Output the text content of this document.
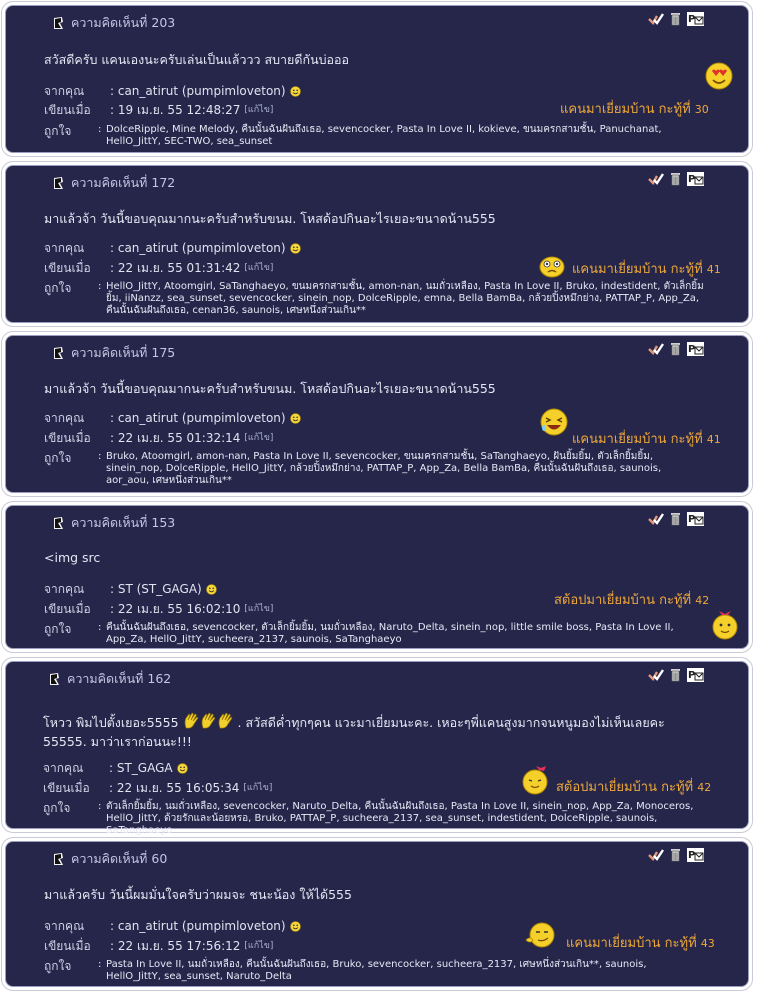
ความคิดเห็นที่ 203
สวัสดีครับ แคนเองนะครับเล่นเป็นแล้ววว สบายดีกันบ่อออ
จากคุณ	: can_atirut (pumpimloveton)
เขียนเมื่อ	: 19 เม.ย. 55 12:48:27 [แก้ไข]
ถูกใจ	: DolceRipple, Mine Melody, คืนนั้นฉันฝันถึงเธอ, sevencocker, Pasta In Love II, kokieve, ขนมครกสามชั้น, Panuchanat, HellO_JittY, SEC-TWO, sea_sunset
แคนมาเยี่ยมบ้าน กะทู้ที่ 30
ความคิดเห็นที่ 172
มาแล้วจ้า วันนี้ขอบคุณมากนะครับสำหรับขนม. โหสด้อปกินอะไรเยอะขนาดน้าน555
จากคุณ	: can_atirut (pumpimloveton)
เขียนเมื่อ	: 22 เม.ย. 55 01:31:42 [แก้ไข]
ถูกใจ	: HellO_JittY, Atoomgirl, SaTanghaeyo, ขนมครกสามชั้น, amon-nan, นมถั่วเหลือง, Pasta In Love II, Bruko, indestident, ตัวเล็กยิ้มยิ้ม, iiNanzz, sea_sunset, sevencocker, sinein_nop, DolceRipple, emna, Bella BamBa, กล้วยปิ้งหมึกย่าง, PATTAP_P, App_Za, คืนนั้นฉันฝันถึงเธอ, cenan36, saunois, เศษหนึ่งส่วนเกิน**
แคนมาเยี่ยมบ้าน กะทู้ที่ 41
ความคิดเห็นที่ 175
มาแล้วจ้า วันนี้ขอบคุณมากนะครับสำหรับขนม. โหสด้อปกินอะไรเยอะขนาดน้าน555
จากคุณ	: can_atirut (pumpimloveton)
เขียนเมื่อ	: 22 เม.ย. 55 01:32:14 [แก้ไข]
ถูกใจ	: Bruko, Atoomgirl, amon-nan, Pasta In Love II, sevencocker, ขนมครกสามชั้น, SaTanghaeyo, ฝันยิ้มยิ้ม, ตัวเล็กยิ้มยิ้ม, sinein_nop, DolceRipple, HellO_JittY, กล้วยปิ้งหมึกย่าง, PATTAP_P, App_Za, Bella BamBa, คืนนั้นฉันฝันถึงเธอ, saunois, aor_aou, เศษหนึ่งส่วนเกิน**
แคนมาเยี่ยมบ้าน กะทู้ที่ 41
ความคิดเห็นที่ 153
<img src
จากคุณ	: ST (ST_GAGA)
เขียนเมื่อ	: 22 เม.ย. 55 16:02:10 [แก้ไข]
ถูกใจ	: คืนนั้นฉันฝันถึงเธอ, sevencocker, ตัวเล็กยิ้มยิ้ม, นมถั่วเหลือง, Naruto_Delta, sinein_nop, little smile boss, Pasta In Love II, App_Za, HellO_JittY, sucheera_2137, saunois, SaTanghaeyo
สต้อปมาเยี่ยมบ้าน กะทู้ที่ 42
ความคิดเห็นที่ 162
โหวว พิมไปตั้งเยอะ5555	. สวัสดีค่ำทุกๆคน แวะมาเยี่ยมนะคะ. เหอะๆพี่แคนสูงมากจนหนูมองไม่เห็นเลยคะ 55555. มาว่าเราก่อนนะ!!!
จากคุณ	: ST_GAGA
เขียนเมื่อ	: 22 เม.ย. 55 16:05:34 [แก้ไข]
ถูกใจ	: ตัวเล็กยิ้มยิ้ม, นมถั่วเหลือง, sevencocker, Naruto_Delta, คืนนั้นฉันฝันถึงเธอ, Pasta In Love II, sinein_nop, App_Za, Monoceros, HellO_JittY, ด้วยรักและน้อยหรอ, Bruko, PATTAP_P, sucheera_2137, sea_sunset, indestident, DolceRipple, saunois, SaTanghaeyo
สต้อปมาเยี่ยมบ้าน กะทู้ที่ 42
ความคิดเห็นที่ 60
มาแล้วครับ วันนี้ผมมั่นใจครับว่าผมจะ ชนะน้อง ให้ได้555
จากคุณ	: can_atirut (pumpimloveton)
เขียนเมื่อ	: 22 เม.ย. 55 17:56:12 [แก้ไข]
ถูกใจ	: Pasta In Love II, นมถั่วเหลือง, คืนนั้นฉันฝันถึงเธอ, Bruko, sevencocker, sucheera_2137, เศษหนึ่งส่วนเกิน**, saunois, HellO_JittY, sea_sunset, Naruto_Delta
แคนมาเยี่ยมบ้าน กะทู้ที่ 43
